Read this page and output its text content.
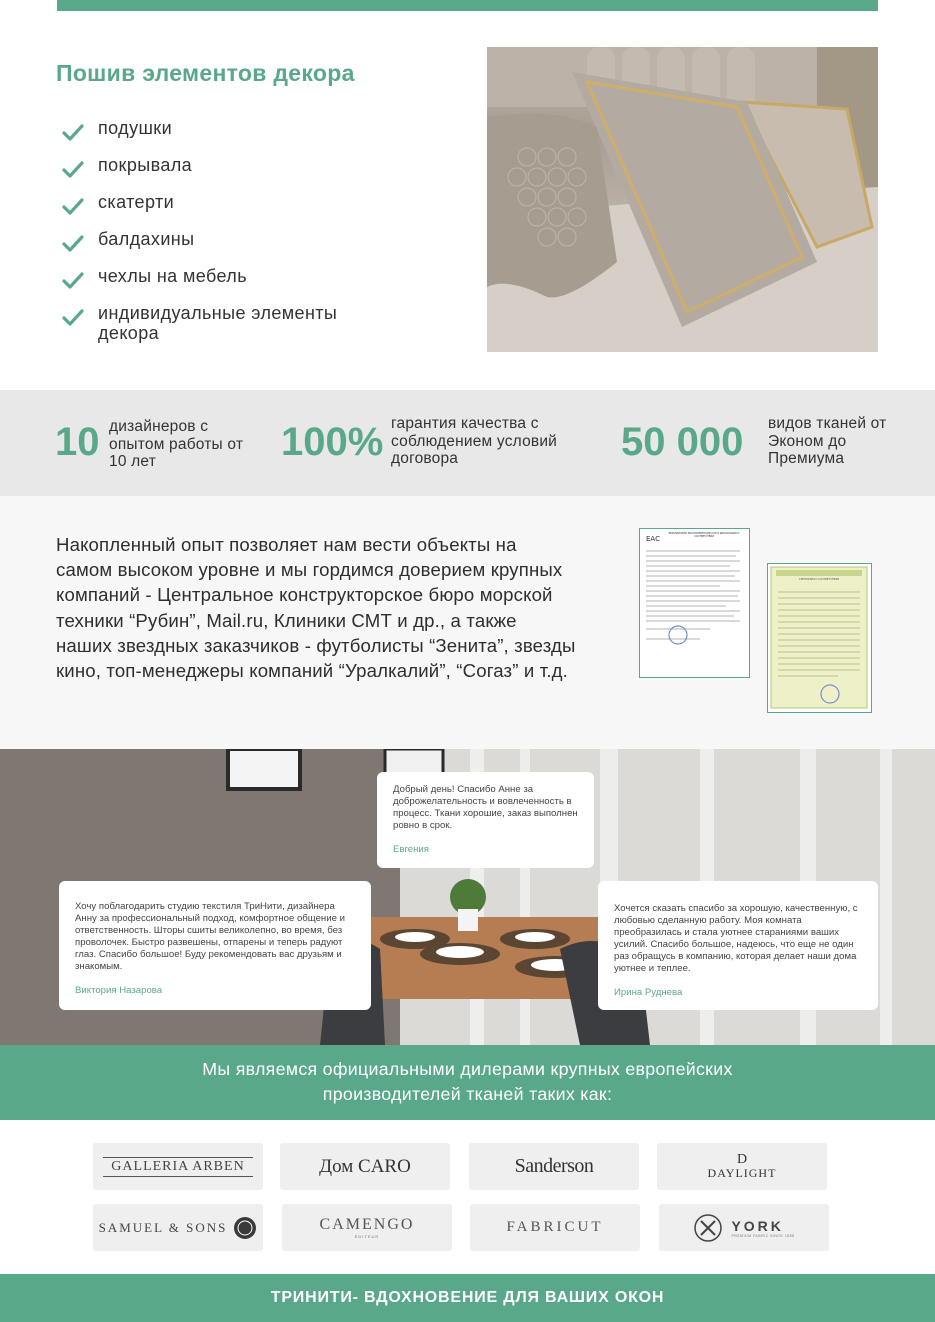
Пошив элементов декора
подушки
покрывала
скатерти
балдахины
чехлы на мебель
индивидуальные элементы декора
10 дизайнеров с опытом работы от 10 лет	100% гарантия качества с соблюдением условий договора	50 000 видов тканей от Эконом до Премиума

Накопленный опыт позволяет нам вести объекты на самом высоком уровне и мы гордимся доверием крупных компаний - Центральное конструкторское бюро морской техники “Рубин”, Mail.ru, Клиники СМТ и др., а также наших звездных заказчиков - футболисты “Зенита”, звезды кино, топ-менеджеры компаний “Уралкалий”, “Согаз” и т.д.

EAC
ЕВРАЗИЙСКИЙ ЭКОНОМИЧЕСКИЙ СОЮЗ ДЕКЛАРАЦИЯ О СООТВЕТСТВИИ
СЕРТИФИКАТ СООТВЕТСТВИЯ
Добрый день! Спасибо Анне за доброжелательность и вовлеченность в процесс. Ткани хорошие, заказ выполнен ровно в срок.
Евгения
Хочу поблагодарить студию текстиля ТриНити, дизайнера Анну за профессиональный подход, комфортное общение и ответственность. Шторы сшиты великолепно, во время, без проволочек. Быстро развешены, отпарены и теперь радуют глаз. Спасибо большое! Буду рекомендовать вас друзьям и знакомым.
Виктория Назарова
Хочется сказать спасибо за хорошую, качественную, с любовью сделанную работу. Моя комната преобразилась и стала уютнее стараниями ваших усилий. Спасибо большое, надеюсь, что еще не один раз обращусь в компанию, которая делает наши дома уютнее и теплее.
Ирина Руднева
Мы являемся официальными дилерами крупных европейских производителей тканей таких как:
GALLERIA ARBEN	Дом CARO	Sanderson	D
DAYLIGHT
SAMUEL & SONS	CAMENGO
ÉDITEUR
FABRICUT	YORK
PREMIUM FABRIC SINCE 1888
ТРИНИТИ- ВДОХНОВЕНИЕ ДЛЯ ВАШИХ ОКОН
